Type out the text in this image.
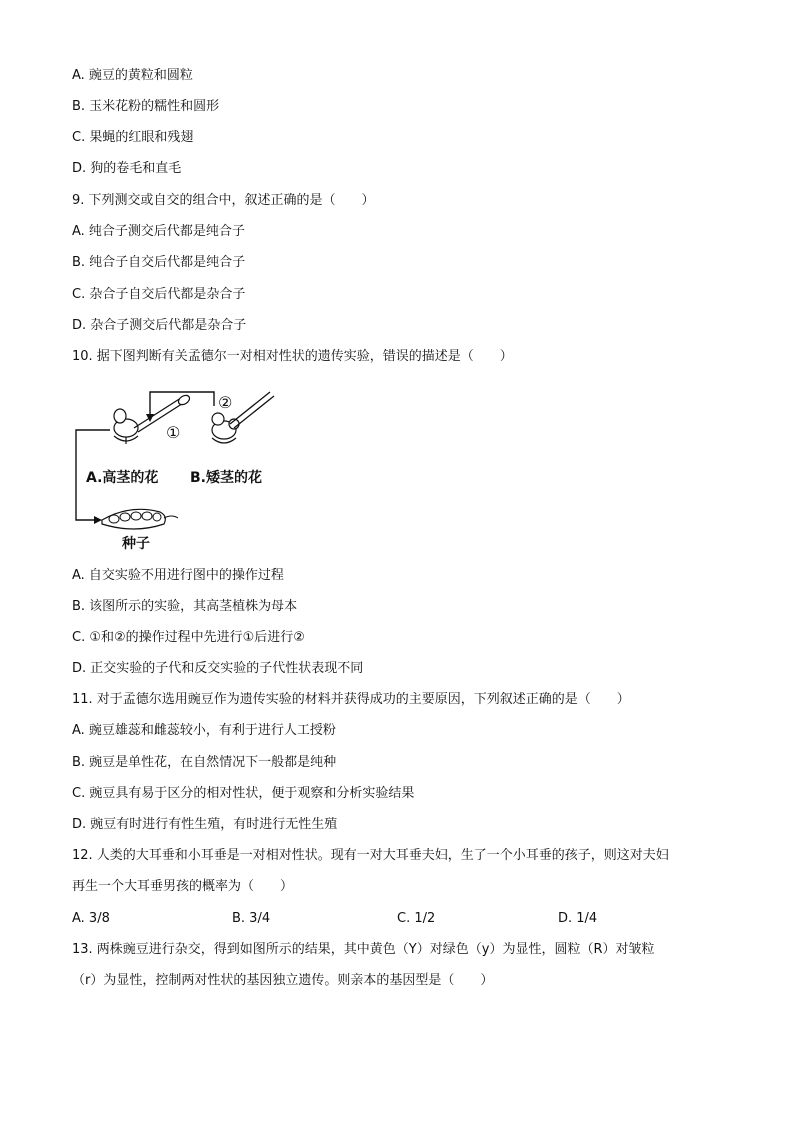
A. 豌豆的黄粒和圆粒
B. 玉米花粉的糯性和圆形
C. 果蝇的红眼和残翅
D. 狗的卷毛和直毛
9. 下列测交或自交的组合中，叙述正确的是（　　）
A. 纯合子测交后代都是纯合子
B. 纯合子自交后代都是纯合子
C. 杂合子自交后代都是杂合子
D. 杂合子测交后代都是杂合子
10. 据下图判断有关孟德尔一对相对性状的遗传实验，错误的描述是（　　）
①
②
A.高茎的花 B.矮茎的花
种子
A. 自交实验不用进行图中的操作过程
B. 该图所示的实验，其高茎植株为母本
C. ①和②的操作过程中先进行①后进行②
D. 正交实验的子代和反交实验的子代性状表现不同
11. 对于孟德尔选用豌豆作为遗传实验的材料并获得成功的主要原因，下列叙述正确的是（　　）
A. 豌豆雄蕊和雌蕊较小，有利于进行人工授粉
B. 豌豆是单性花，在自然情况下一般都是纯种
C. 豌豆具有易于区分的相对性状，便于观察和分析实验结果
D. 豌豆有时进行有性生殖，有时进行无性生殖
12. 人类的大耳垂和小耳垂是一对相对性状。现有一对大耳垂夫妇，生了一个小耳垂的孩子，则这对夫妇
再生一个大耳垂男孩的概率为（　　）
A. 3/8	B. 3/4	C. 1/2	D. 1/4
13. 两株豌豆进行杂交，得到如图所示的结果，其中黄色（Y）对绿色（y）为显性，圆粒（R）对皱粒
（r）为显性，控制两对性状的基因独立遗传。则亲本的基因型是（　　）
